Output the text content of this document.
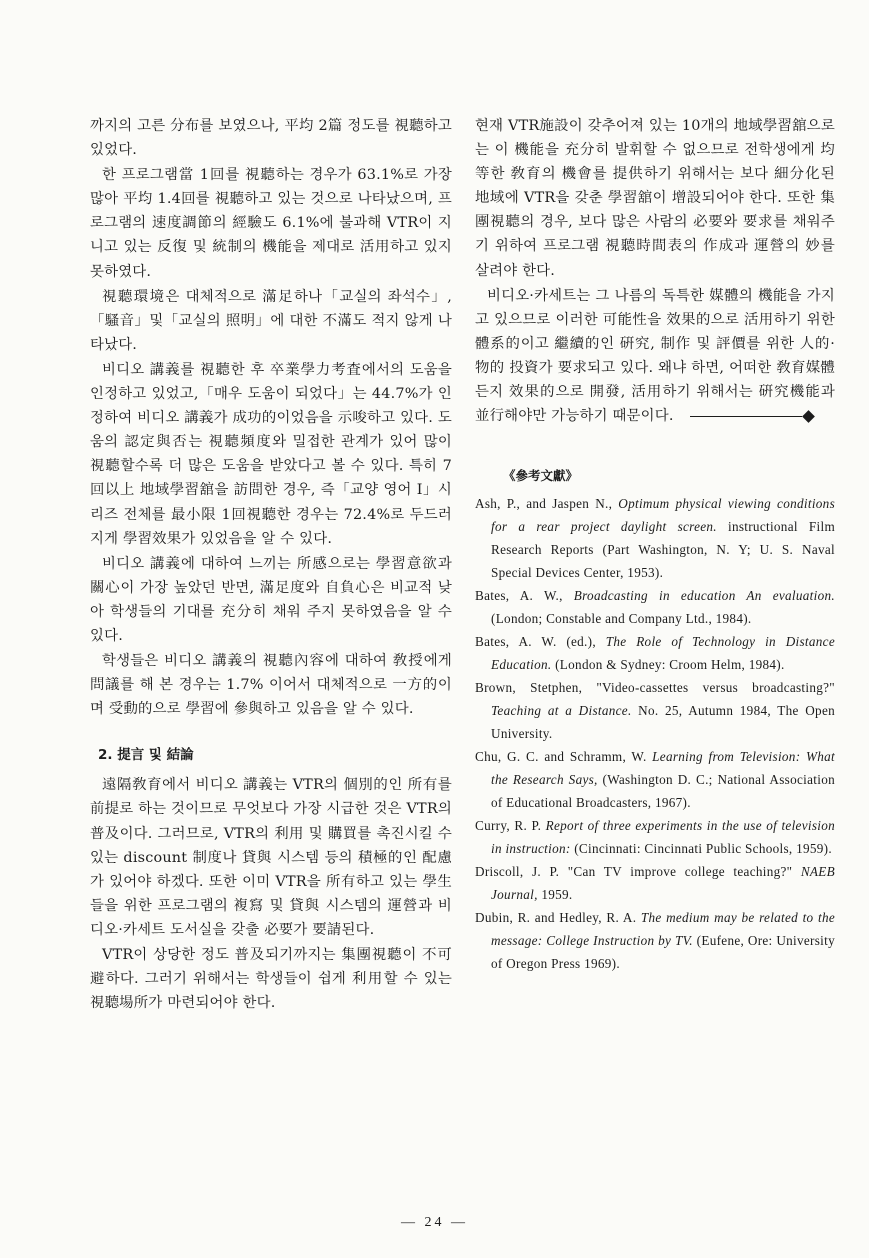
까지의 고른 分布를 보였으나, 平均 2篇 정도를 視聽하고 있었다.

한 프로그램當 1回를 視聽하는 경우가 63.1%로 가장 많아 平均 1.4回를 視聽하고 있는 것으로 나타났으며, 프로그램의 速度調節의 經驗도 6.1%에 불과해 VTR이 지니고 있는 反復 및 統制의 機能을 제대로 活用하고 있지 못하였다.

視聽環境은 대체적으로 滿足하나「교실의 좌석수」,「騷音」및「교실의 照明」에 대한 不滿도 적지 않게 나타났다.

비디오 講義를 視聽한 후 卒業學力考査에서의 도움을 인정하고 있었고,「매우 도움이 되었다」는 44.7%가 인정하여 비디오 講義가 成功的이었음을 示唆하고 있다. 도움의 認定與否는 視聽頻度와 밀접한 관계가 있어 많이 視聽할수록 더 많은 도움을 받았다고 볼 수 있다. 특히 7回以上 地域學習舘을 訪問한 경우, 즉「교양 영어 I」시리즈 전체를 最小限 1回視聽한 경우는 72.4%로 두드러지게 學習效果가 있었음을 알 수 있다.

비디오 講義에 대하여 느끼는 所感으로는 學習意欲과 關心이 가장 높았던 반면, 滿足度와 自負心은 비교적 낮아 학생들의 기대를 充分히 채워 주지 못하였음을 알 수 있다.

학생들은 비디오 講義의 視聽內容에 대하여 敎授에게 問議를 해 본 경우는 1.7% 이어서 대체적으로 一方的이며 受動的으로 學習에 參與하고 있음을 알 수 있다.

2. 提言 및 結論

遠隔敎育에서 비디오 講義는 VTR의 個別的인 所有를 前提로 하는 것이므로 무엇보다 가장 시급한 것은 VTR의 普及이다. 그러므로, VTR의 利用 및 購買를 촉진시킬 수 있는 discount 制度나 貸與 시스템 등의 積極的인 配慮가 있어야 하겠다. 또한 이미 VTR을 所有하고 있는 學生들을 위한 프로그램의 複寫 및 貸與 시스템의 運營과 비디오·카세트 도서실을 갖출 必要가 要請된다.

VTR이 상당한 정도 普及되기까지는 集團視聽이 不可避하다. 그러기 위해서는 학생들이 쉽게 利用할 수 있는 視聽場所가 마련되어야 한다.

현재 VTR施設이 갖추어져 있는 10개의 地域學習舘으로는 이 機能을 充分히 발휘할 수 없으므로 전학생에게 均等한 敎育의 機會를 提供하기 위해서는 보다 細分化된 地域에 VTR을 갖춘 學習舘이 增設되어야 한다. 또한 集團視聽의 경우, 보다 많은 사람의 必要와 要求를 채워주기 위하여 프로그램 視聽時間表의 作成과 運營의 妙를 살려야 한다.

비디오·카세트는 그 나름의 독특한 媒體의 機能을 가지고 있으므로 이러한 可能性을 效果的으로 活用하기 위한 體系的이고 繼續的인 硏究, 制作 및 評價를 위한 人的·物的 投資가 要求되고 있다. 왜냐 하면, 어떠한 敎育媒體든지 效果的으로 開發, 活用하기 위해서는 硏究機能과 並行해야만 가능하기 때문이다.

《參考文獻》

Ash, P., and Jaspen N., Optimum physical viewing conditions for a rear project daylight screen. instructional Film Research Reports (Part Washington, N. Y; U. S. Naval Special Devices Center, 1953).

Bates, A. W., Broadcasting in education An evaluation. (London; Constable and Company Ltd., 1984).

Bates, A. W. (ed.), The Role of Technology in Distance Education. (London & Sydney: Croom Helm, 1984).

Brown, Stetphen, "Video-cassettes versus broadcasting?" Teaching at a Distance. No. 25, Autumn 1984, The Open University.

Chu, G. C. and Schramm, W. Learning from Television: What the Research Says, (Washington D. C.; National Association of Educational Broadcasters, 1967).

Curry, R. P. Report of three experiments in the use of television in instruction: (Cincinnati: Cincinnati Public Schools, 1959).

Driscoll, J. P. "Can TV improve college teaching?" NAEB Journal, 1959.

Dubin, R. and Hedley, R. A. The medium may be related to the message: College Instruction by TV. (Eufene, Ore: University of Oregon Press 1969).

— 24 —
